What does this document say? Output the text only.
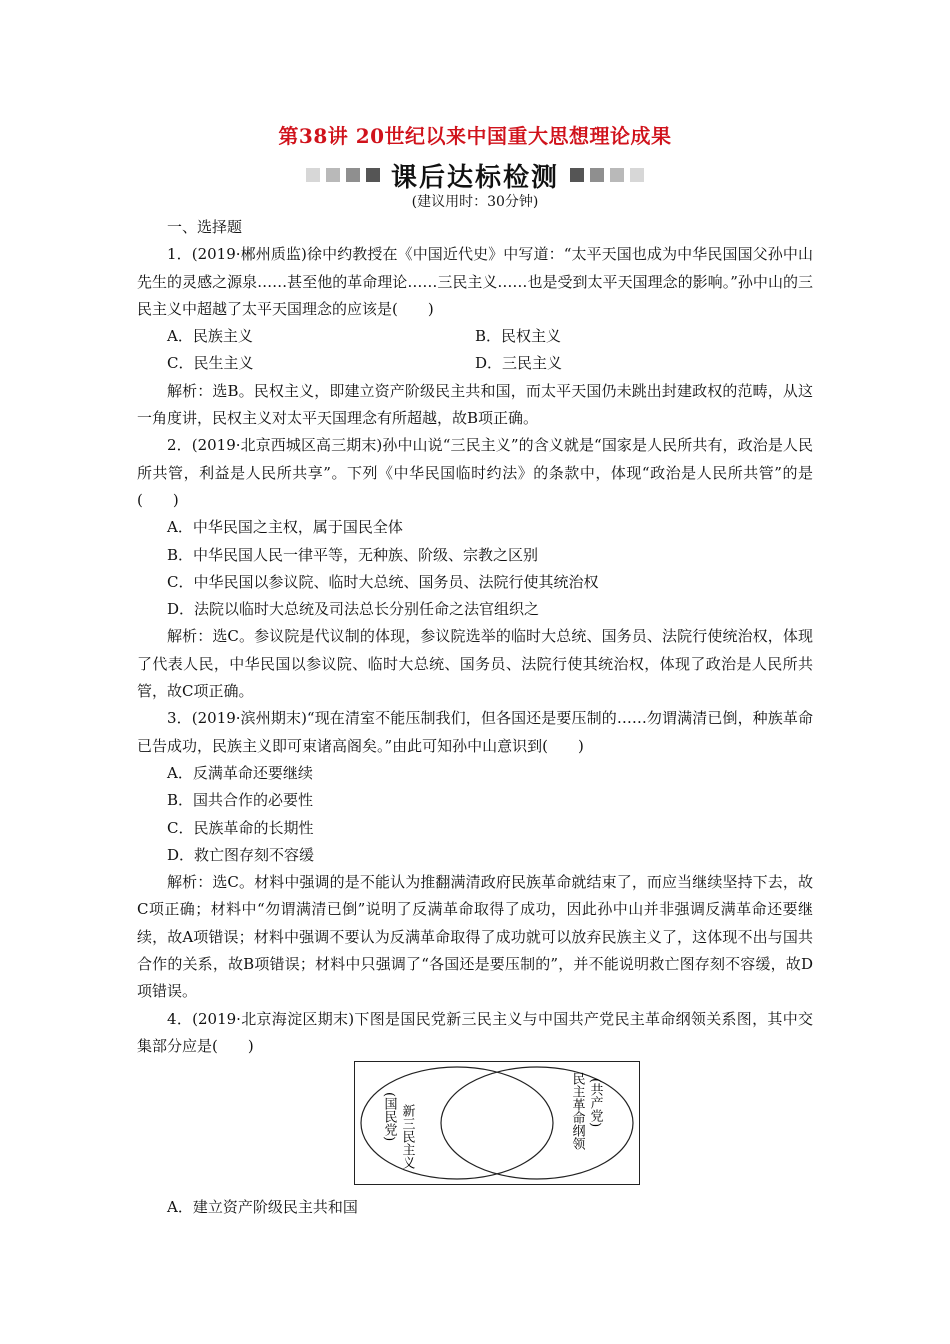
第38讲 20世纪以来中国重大思想理论成果
课后达标检测
(建议用时：30分钟)

一、选择题

1．(2019·郴州质监)徐中约教授在《中国近代史》中写道：“太平天国也成为中华民国国父孙中山先生的灵感之源泉……甚至他的革命理论……三民主义……也是受到太平天国理念的影响。”孙中山的三民主义中超越了太平天国理念的应该是(　　)

A．民族主义	B．民权主义
C．民生主义	D．三民主义

解析：选B。民权主义，即建立资产阶级民主共和国，而太平天国仍未跳出封建政权的范畴，从这一角度讲，民权主义对太平天国理念有所超越，故B项正确。

2．(2019·北京西城区高三期末)孙中山说“三民主义”的含义就是“国家是人民所共有，政治是人民所共管，利益是人民所共享”。下列《中华民国临时约法》的条款中，体现“政治是人民所共管”的是(　　)

A．中华民国之主权，属于国民全体

B．中华民国人民一律平等，无种族、阶级、宗教之区别

C．中华民国以参议院、临时大总统、国务员、法院行使其统治权

D．法院以临时大总统及司法总长分别任命之法官组织之

解析：选C。参议院是代议制的体现，参议院选举的临时大总统、国务员、法院行使统治权，体现了代表人民，中华民国以参议院、临时大总统、国务员、法院行使其统治权，体现了政治是人民所共管，故C项正确。

3．(2019·滨州期末)“现在清室不能压制我们，但各国还是要压制的……勿谓满清已倒，种族革命已告成功，民族主义即可束诸高阁矣。”由此可知孙中山意识到(　　)

A．反满革命还要继续

B．国共合作的必要性

C．民族革命的长期性

D．救亡图存刻不容缓

解析：选C。材料中强调的是不能认为推翻满清政府民族革命就结束了，而应当继续坚持下去，故C项正确；材料中“勿谓满清已倒”说明了反满革命取得了成功，因此孙中山并非强调反满革命还要继续，故A项错误；材料中强调不要认为反满革命取得了成功就可以放弃民族主义了，这体现不出与国共合作的关系，故B项错误；材料中只强调了“各国还是要压制的”，并不能说明救亡图存刻不容缓，故D项错误。

4．(2019·北京海淀区期末)下图是国民党新三民主义与中国共产党民主革命纲领关系图，其中交集部分应是(　　)

新三民主义
(国民党)	民主革命纲领 (共产党)

A．建立资产阶级民主共和国
